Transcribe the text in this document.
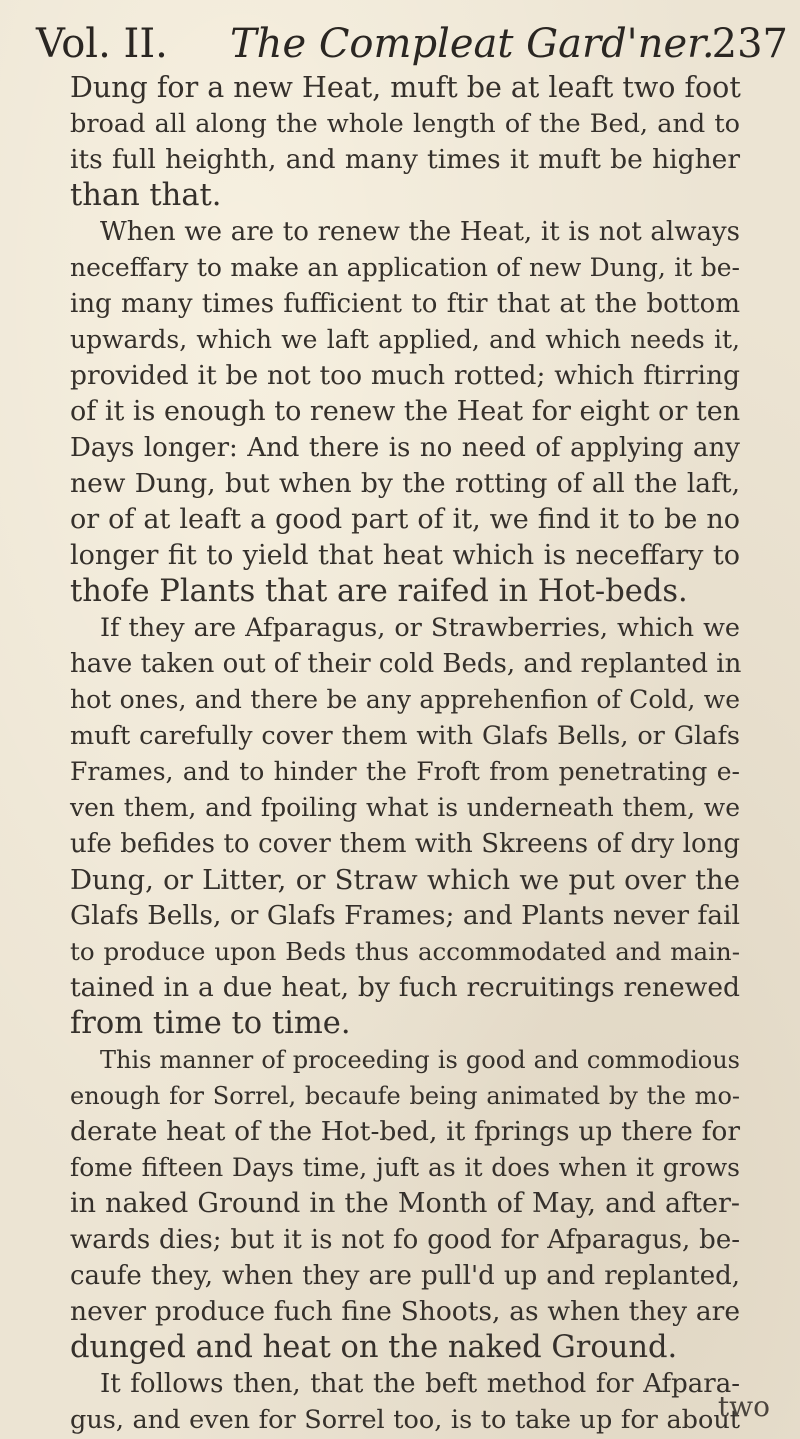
Vol. II. The Compleat Gard'ner.
237
Dung for a new Heat, muft be at leaft two foot
broad all along the whole length of the Bed, and to
its full heighth, and many times it muft be higher
than that.
When we are to renew the Heat, it is not always
neceffary to make an application of new Dung, it be-
ing many times fufficient to ftir that at the bottom
upwards, which we laft applied, and which needs it,
provided it be not too much rotted; which ftirring
of it is enough to renew the Heat for eight or ten
Days longer: And there is no need of applying any
new Dung, but when by the rotting of all the laft,
or of at leaft a good part of it, we find it to be no
longer fit to yield that heat which is neceffary to
thofe Plants that are raifed in Hot-beds.
If they are Afparagus, or Strawberries, which we
have taken out of their cold Beds, and replanted in
hot ones, and there be any apprehenfion of Cold, we
muft carefully cover them with Glafs Bells, or Glafs
Frames, and to hinder the Froft from penetrating e-
ven them, and fpoiling what is underneath them, we
ufe befides to cover them with Skreens of dry long
Dung, or Litter, or Straw which we put over the
Glafs Bells, or Glafs Frames; and Plants never fail
to produce upon Beds thus accommodated and main-
tained in a due heat, by fuch recruitings renewed
from time to time.
This manner of proceeding is good and commodious
enough for Sorrel, becaufe being animated by the mo-
derate heat of the Hot-bed, it fprings up there for
fome fifteen Days time, juft as it does when it grows
in naked Ground in the Month of May, and after-
wards dies; but it is not fo good for Afparagus, be-
caufe they, when they are pull'd up and replanted,
never produce fuch fine Shoots, as when they are
dunged and heat on the naked Ground.
It follows then, that the beft method for Afpara-
gus, and even for Sorrel too, is to take up for about
two
